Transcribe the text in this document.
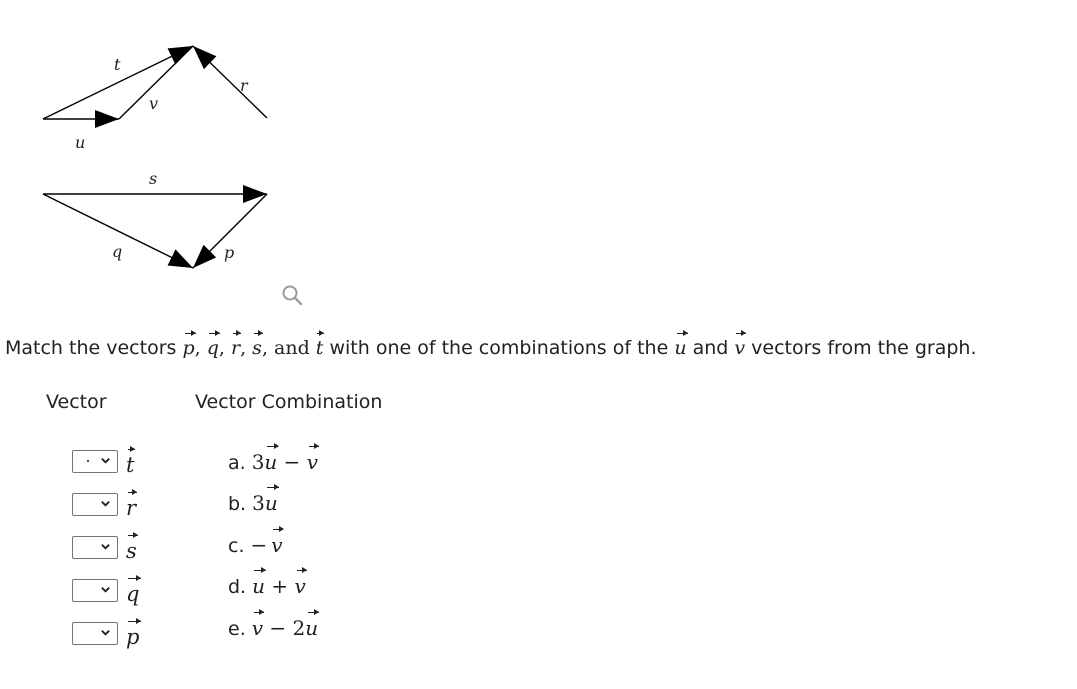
t
v
r
u
s
q	p
Match the vectors p, q, r, s, and t with one of the combinations of the u and v vectors from the graph.
Vector	Vector Combination
t
r
s
q
p
a. 3u − v
b. 3u
c. − v
d. u + v
e. v − 2u
